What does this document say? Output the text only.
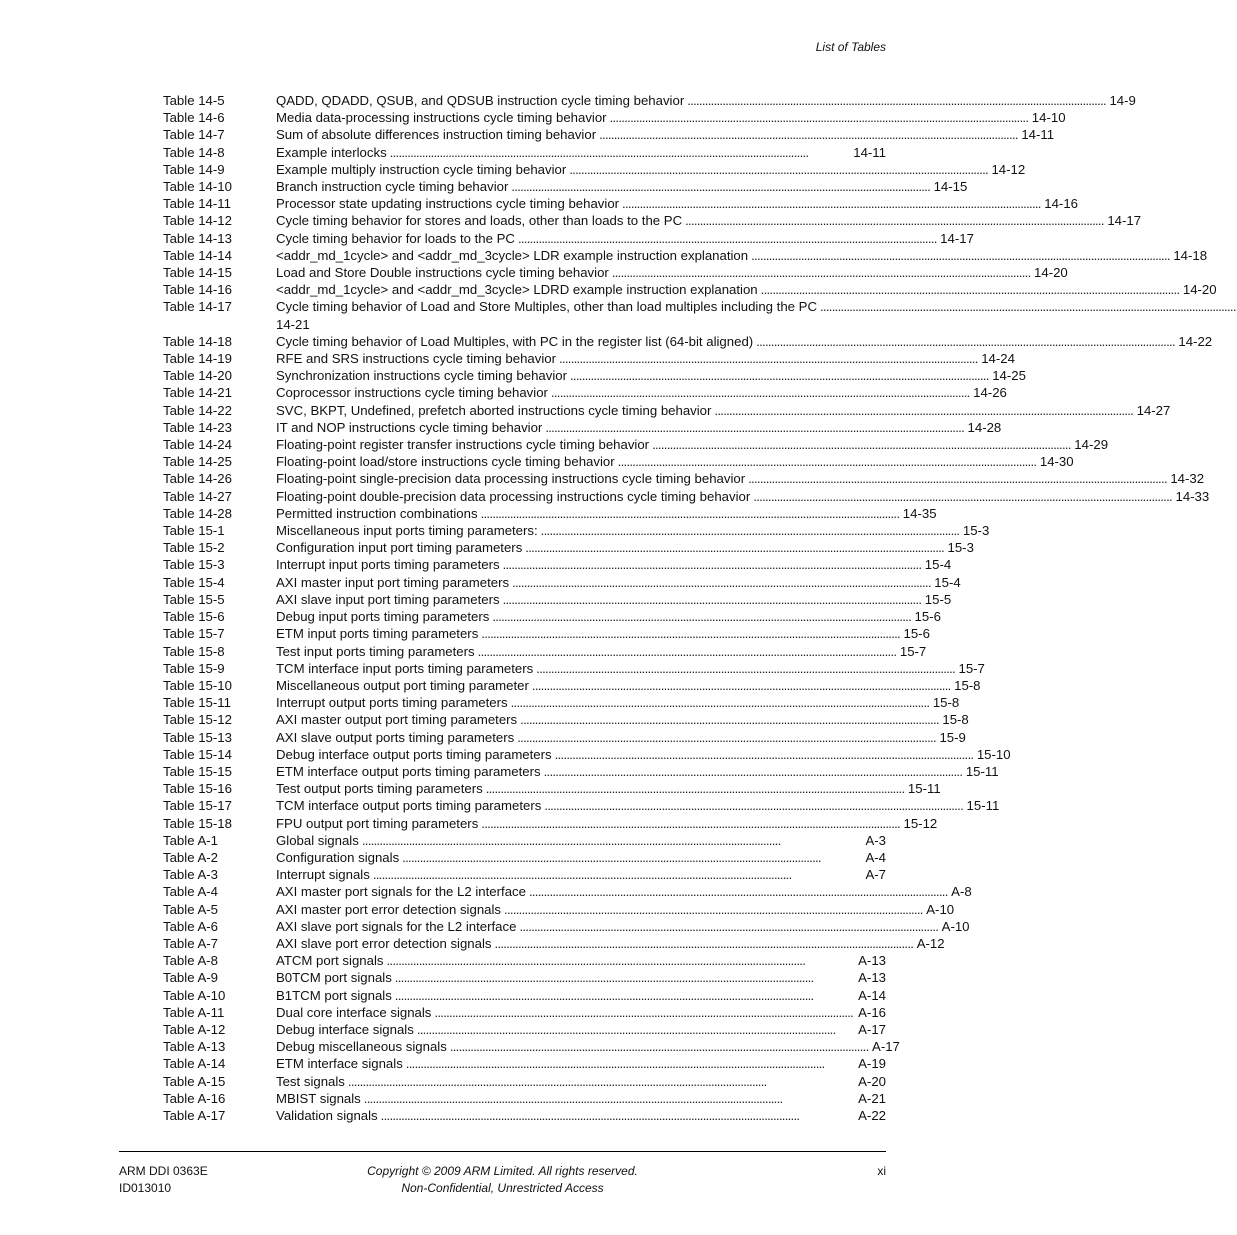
List of Tables
Table 14-5	QADD, QDADD, QSUB, and QDSUB instruction cycle timing behavior . . .	14-9
Table 14-6	Media data-processing instructions cycle timing behavior . . .	14-10
Table 14-7	Sum of absolute differences instruction timing behavior . . .	14-11
Table 14-8	Example interlocks . . .	14-11
Table 14-9	Example multiply instruction cycle timing behavior . . .	14-12
Table 14-10	Branch instruction cycle timing behavior . . .	14-15
Table 14-11	Processor state updating instructions cycle timing behavior . . .	14-16
Table 14-12	Cycle timing behavior for stores and loads, other than loads to the PC . . .	14-17
Table 14-13	Cycle timing behavior for loads to the PC . . .	14-17
Table 14-14	<addr_md_1cycle> and <addr_md_3cycle> LDR example instruction explanation . . .	14-18
Table 14-15	Load and Store Double instructions cycle timing behavior . . .	14-20
Table 14-16	<addr_md_1cycle> and <addr_md_3cycle> LDRD example instruction explanation . . .	14-20
Table 14-17	Cycle timing behavior of Load and Store Multiples, other than load multiples including the PC
. . .
14-21
Table 14-18	Cycle timing behavior of Load Multiples, with PC in the register list (64-bit aligned) . . .	14-22
Table 14-19	RFE and SRS instructions cycle timing behavior . . .	14-24
Table 14-20	Synchronization instructions cycle timing behavior . . .	14-25
Table 14-21	Coprocessor instructions cycle timing behavior . . .	14-26
Table 14-22	SVC, BKPT, Undefined, prefetch aborted instructions cycle timing behavior . . .	14-27
Table 14-23	IT and NOP instructions cycle timing behavior . . .	14-28
Table 14-24	Floating-point register transfer instructions cycle timing behavior . . .	14-29
Table 14-25	Floating-point load/store instructions cycle timing behavior . . .	14-30
Table 14-26	Floating-point single-precision data processing instructions cycle timing behavior . . .	14-32
Table 14-27	Floating-point double-precision data processing instructions cycle timing behavior . . .	14-33
Table 14-28	Permitted instruction combinations . . .	14-35
Table 15-1	Miscellaneous input ports timing parameters: . . .	15-3
Table 15-2	Configuration input port timing parameters . . .	15-3
Table 15-3	Interrupt input ports timing parameters . . .	15-4
Table 15-4	AXI master input port timing parameters . . .	15-4
Table 15-5	AXI slave input port timing parameters . . .	15-5
Table 15-6	Debug input ports timing parameters . . .	15-6
Table 15-7	ETM input ports timing parameters . . .	15-6
Table 15-8	Test input ports timing parameters . . .	15-7
Table 15-9	TCM interface input ports timing parameters . . .	15-7
Table 15-10	Miscellaneous output port timing parameter . . .	15-8
Table 15-11	Interrupt output ports timing parameters . . .	15-8
Table 15-12	AXI master output port timing parameters . . .	15-8
Table 15-13	AXI slave output ports timing parameters . . .	15-9
Table 15-14	Debug interface output ports timing parameters . . .	15-10
Table 15-15	ETM interface output ports timing parameters . . .	15-11
Table 15-16	Test output ports timing parameters . . .	15-11
Table 15-17	TCM interface output ports timing parameters . . .	15-11
Table 15-18	FPU output port timing parameters . . .	15-12
Table A-1	Global signals . . .	A-3
Table A-2	Configuration signals . . .	A-4
Table A-3	Interrupt signals . . .	A-7
Table A-4	AXI master port signals for the L2 interface . . .	A-8
Table A-5	AXI master port error detection signals . . .	A-10
Table A-6	AXI slave port signals for the L2 interface . . .	A-10
Table A-7	AXI slave port error detection signals . . .	A-12
Table A-8	ATCM port signals . . .	A-13
Table A-9	B0TCM port signals . . .	A-13
Table A-10	B1TCM port signals . . .	A-14
Table A-11	Dual core interface signals . . .	A-16
Table A-12	Debug interface signals . . .	A-17
Table A-13	Debug miscellaneous signals . . .	A-17
Table A-14	ETM interface signals . . .	A-19
Table A-15	Test signals . . .	A-20
Table A-16	MBIST signals . . .	A-21
Table A-17	Validation signals . . .	A-22
ARM DDI 0363E
ID013010
Copyright © 2009 ARM Limited. All rights reserved.
Non-Confidential, Unrestricted Access
xi
